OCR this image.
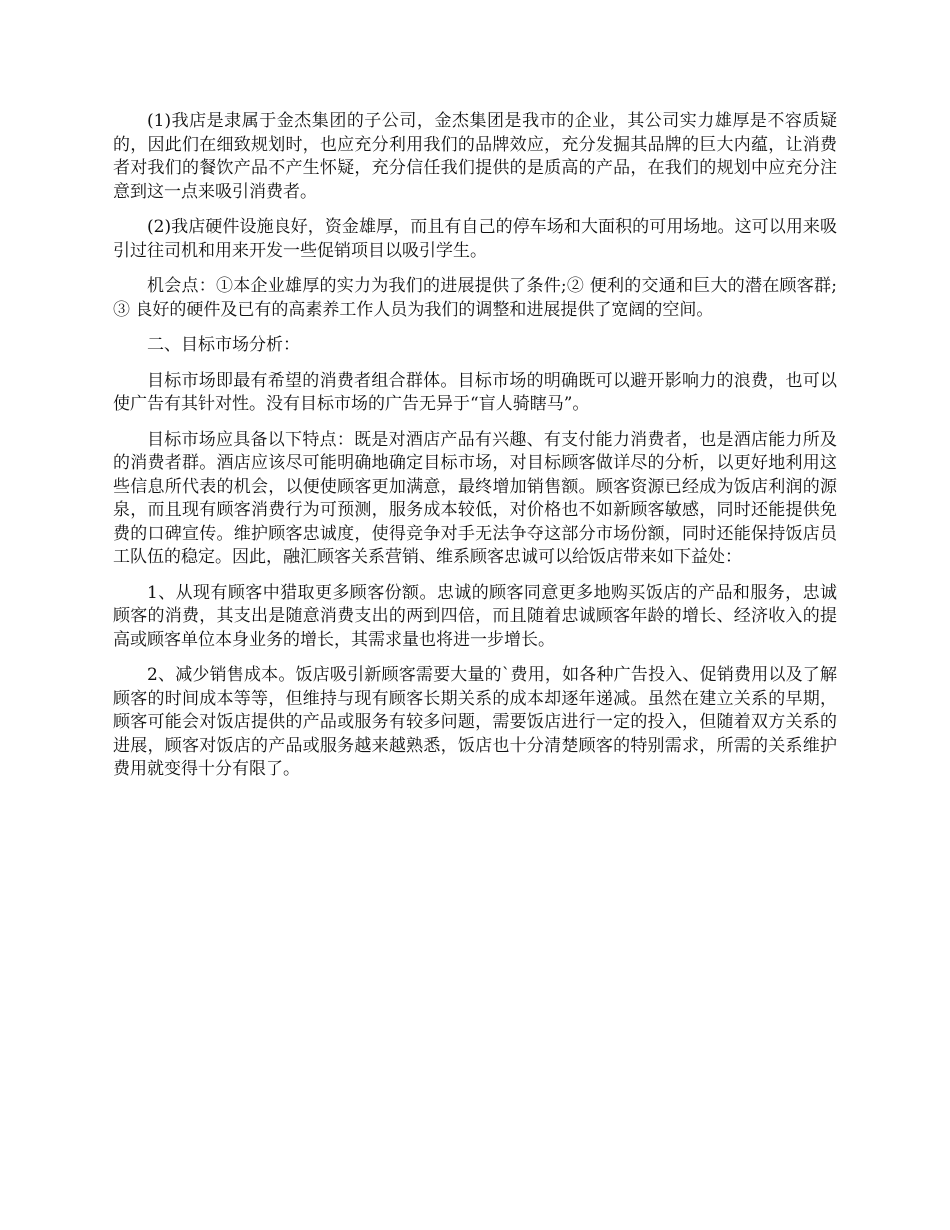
(1)我店是隶属于金杰集团的子公司，金杰集团是我市的企业，其公司实力雄厚是不容质疑的，因此们在细致规划时，也应充分利用我们的品牌效应，充分发掘其品牌的巨大内蕴，让消费者对我们的餐饮产品不产生怀疑，充分信任我们提供的是质高的产品，在我们的规划中应充分注意到这一点来吸引消费者。

(2)我店硬件设施良好，资金雄厚，而且有自己的停车场和大面积的可用场地。这可以用来吸引过往司机和用来开发一些促销项目以吸引学生。

机会点：①本企业雄厚的实力为我们的进展提供了条件;② 便利的交通和巨大的潜在顾客群;③ 良好的硬件及已有的高素养工作人员为我们的调整和进展提供了宽阔的空间。

二、目标市场分析：

目标市场即最有希望的消费者组合群体。目标市场的明确既可以避开影响力的浪费，也可以使广告有其针对性。没有目标市场的广告无异于“盲人骑瞎马”。

目标市场应具备以下特点：既是对酒店产品有兴趣、有支付能力消费者，也是酒店能力所及的消费者群。酒店应该尽可能明确地确定目标市场，对目标顾客做详尽的分析，以更好地利用这些信息所代表的机会，以便使顾客更加满意，最终增加销售额。顾客资源已经成为饭店利润的源泉，而且现有顾客消费行为可预测，服务成本较低，对价格也不如新顾客敏感，同时还能提供免费的口碑宣传。维护顾客忠诚度，使得竞争对手无法争夺这部分市场份额，同时还能保持饭店员工队伍的稳定。因此，融汇顾客关系营销、维系顾客忠诚可以给饭店带来如下益处：

1、从现有顾客中猎取更多顾客份额。忠诚的顾客同意更多地购买饭店的产品和服务，忠诚顾客的消费，其支出是随意消费支出的两到四倍，而且随着忠诚顾客年龄的增长、经济收入的提高或顾客单位本身业务的增长，其需求量也将进一步增长。

2、减少销售成本。饭店吸引新顾客需要大量的`费用，如各种广告投入、促销费用以及了解顾客的时间成本等等，但维持与现有顾客长期关系的成本却逐年递减。虽然在建立关系的早期，顾客可能会对饭店提供的产品或服务有较多问题，需要饭店进行一定的投入，但随着双方关系的进展，顾客对饭店的产品或服务越来越熟悉，饭店也十分清楚顾客的特别需求，所需的关系维护费用就变得十分有限了。
